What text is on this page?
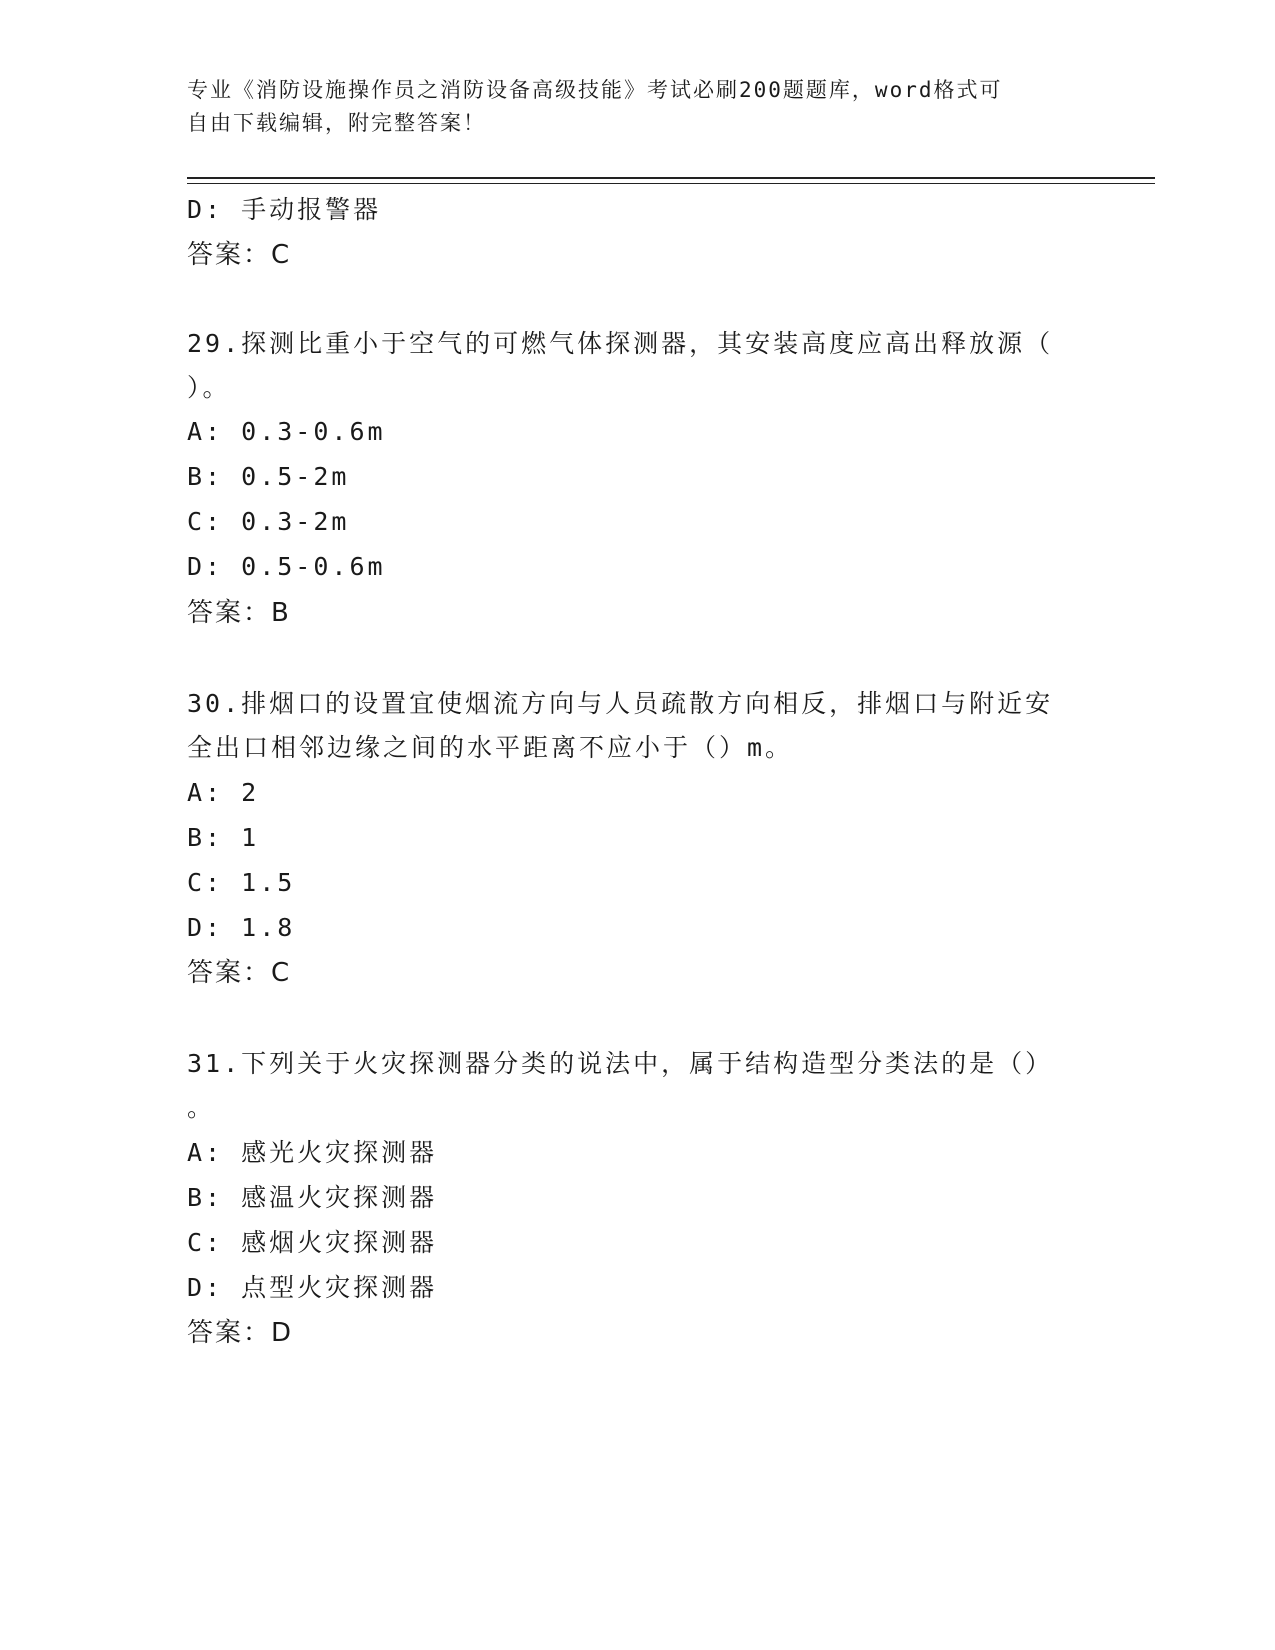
专业《消防设施操作员之消防设备高级技能》考试必刷200题题库，word格式可
自由下载编辑，附完整答案！
D: 手动报警器
答案：C
29.探测比重小于空气的可燃气体探测器，其安装高度应高出释放源（
）。
A: 0.3-0.6m
B: 0.5-2m
C: 0.3-2m
D: 0.5-0.6m
答案：B
30.排烟口的设置宜使烟流方向与人员疏散方向相反，排烟口与附近安
全出口相邻边缘之间的水平距离不应小于（）m。
A: 2
B: 1
C: 1.5
D: 1.8
答案：C
31.下列关于火灾探测器分类的说法中，属于结构造型分类法的是（）
。
A: 感光火灾探测器
B: 感温火灾探测器
C: 感烟火灾探测器
D: 点型火灾探测器
答案：D
